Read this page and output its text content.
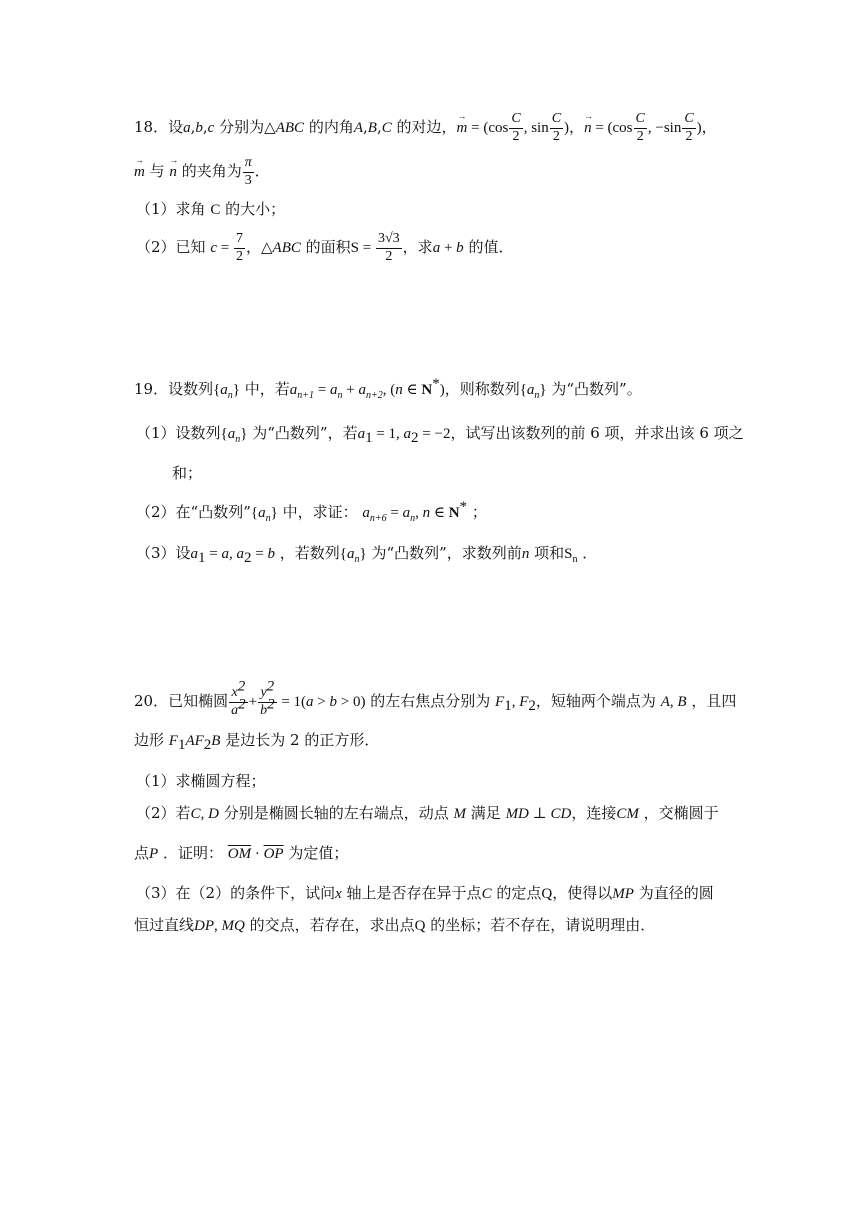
18．设a,b,c 分别为△ABC 的内角A,B,C 的对边，→ $m = (\cos \frac{C}{2}$ , $\sin \frac{C}{2}$ )，→ $n = (\cos \frac{C}{2}$ , $-\sin \frac{C}{2}$ )，
→ m 与 → n 的夹角为 $\frac{\pi}{3}$ ．
（1）求角 C 的大小；
（2）已知 $c = \frac{7}{2}$ ，△ABC 的面积$S = \frac{3√3}{2}$ ，求a + b 的值．
19．设数列$\{a_n\}$ 中，若$a_{n+1} = a_n + a_{n+2}$, (n ∈ N*)，则称数列$\{a_n\}$ 为“凸数列”。
（1）设数列$\{a_n\}$ 为“凸数列”，若$a_1 = 1$, $a_2 = -2$，试写出该数列的前 6 项，并求出该 6 项之
和；
（2）在“凸数列$”\{a_n\}$ 中，求证： $a_{n+6} = a_n$, n ∈ N* ；
（3）设$a_1 = a$, $a_2 = b$ ，若数列$\{a_n\}$ 为“凸数列”，求数列前n 项和$S_n$ ．
20．已知椭圆 $\frac{x^2}{a^2} + \frac{y^2}{b^2} = 1(a > b > 0)$ 的左右焦点分别为 $F_1$, $F_2$，短轴两个端点为 A, B ，且四
边形 $F_1AF_2B$ 是边长为 2 的正方形．
（1）求椭圆方程；
（2）若C, D 分别是椭圆长轴的左右端点，动点 M 满足 MD ⊥ CD，连接CM ，交椭圆于
点P ．证明： $\overline{OM} \cdot \overline{OP}$ 为定值；
（3）在（2）的条件下，试问x 轴上是否存在异于点C 的定点Q，使得以MP 为直径的圆
恒过直线DP, MQ 的交点，若存在，求出点Q 的坐标；若不存在，请说明理由．
